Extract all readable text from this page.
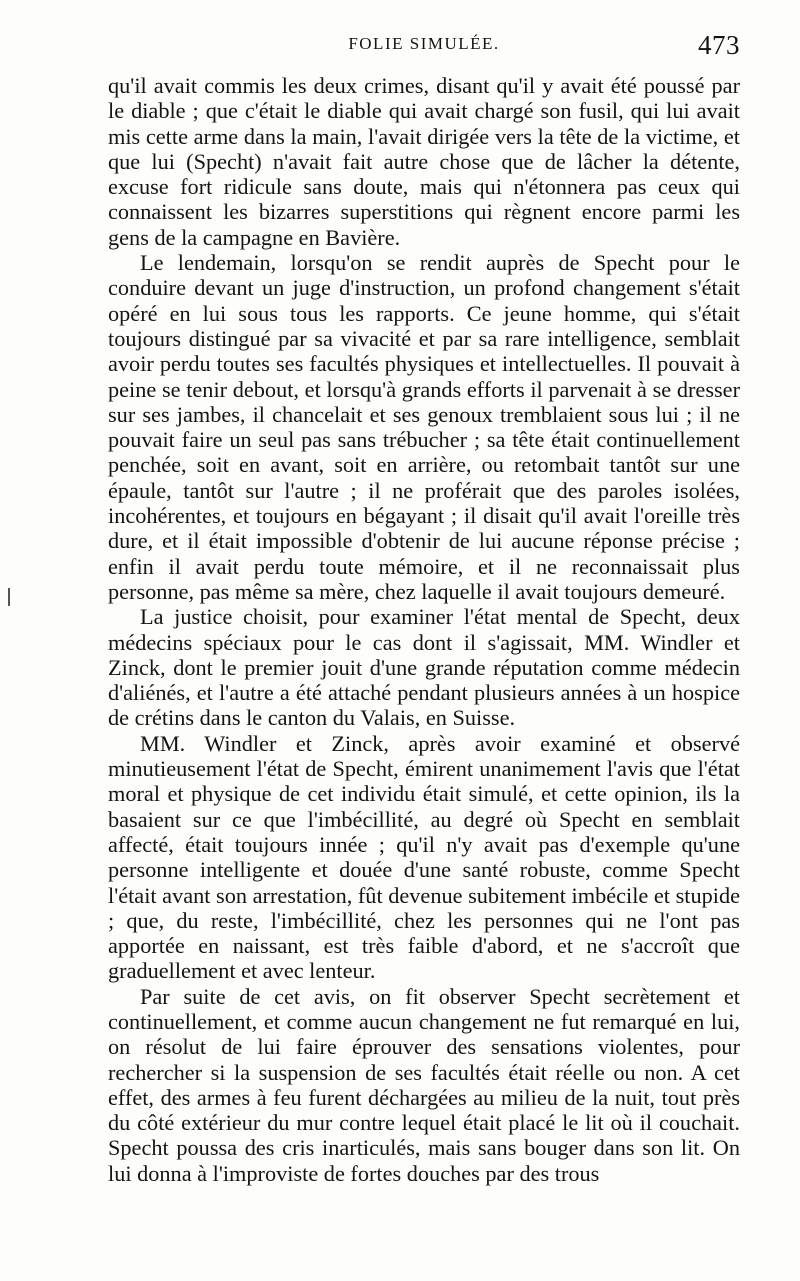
FOLIE SIMULÉE.	473

qu'il avait commis les deux crimes, disant qu'il y avait été poussé par le diable ; que c'était le diable qui avait chargé son fusil, qui lui avait mis cette arme dans la main, l'avait dirigée vers la tête de la victime, et que lui (Specht) n'avait fait autre chose que de lâcher la détente, excuse fort ridicule sans doute, mais qui n'étonnera pas ceux qui connaissent les bizarres superstitions qui règnent encore parmi les gens de la campagne en Bavière.

Le lendemain, lorsqu'on se rendit auprès de Specht pour le conduire devant un juge d'instruction, un profond changement s'était opéré en lui sous tous les rapports. Ce jeune homme, qui s'était toujours distingué par sa vivacité et par sa rare intelligence, semblait avoir perdu toutes ses facultés physiques et intellectuelles. Il pouvait à peine se tenir debout, et lorsqu'à grands efforts il parvenait à se dresser sur ses jambes, il chancelait et ses genoux tremblaient sous lui ; il ne pouvait faire un seul pas sans trébucher ; sa tête était continuellement penchée, soit en avant, soit en arrière, ou retombait tantôt sur une épaule, tantôt sur l'autre ; il ne proférait que des paroles isolées, incohérentes, et toujours en bégayant ; il disait qu'il avait l'oreille très dure, et il était impossible d'obtenir de lui aucune réponse précise ; enfin il avait perdu toute mémoire, et il ne reconnaissait plus personne, pas même sa mère, chez laquelle il avait toujours demeuré.

La justice choisit, pour examiner l'état mental de Specht, deux médecins spéciaux pour le cas dont il s'agissait, MM. Windler et Zinck, dont le premier jouit d'une grande réputation comme médecin d'aliénés, et l'autre a été attaché pendant plusieurs années à un hospice de crétins dans le canton du Valais, en Suisse.

MM. Windler et Zinck, après avoir examiné et observé minutieusement l'état de Specht, émirent unanimement l'avis que l'état moral et physique de cet individu était simulé, et cette opinion, ils la basaient sur ce que l'imbécillité, au degré où Specht en semblait affecté, était toujours innée ; qu'il n'y avait pas d'exemple qu'une personne intelligente et douée d'une santé robuste, comme Specht l'était avant son arrestation, fût devenue subitement imbécile et stupide ; que, du reste, l'imbécillité, chez les personnes qui ne l'ont pas apportée en naissant, est très faible d'abord, et ne s'accroît que graduellement et avec lenteur.

Par suite de cet avis, on fit observer Specht secrètement et continuellement, et comme aucun changement ne fut remarqué en lui, on résolut de lui faire éprouver des sensations violentes, pour rechercher si la suspension de ses facultés était réelle ou non. A cet effet, des armes à feu furent déchargées au milieu de la nuit, tout près du côté extérieur du mur contre lequel était placé le lit où il couchait. Specht poussa des cris inarticulés, mais sans bouger dans son lit. On lui donna à l'improviste de fortes douches par des trous
